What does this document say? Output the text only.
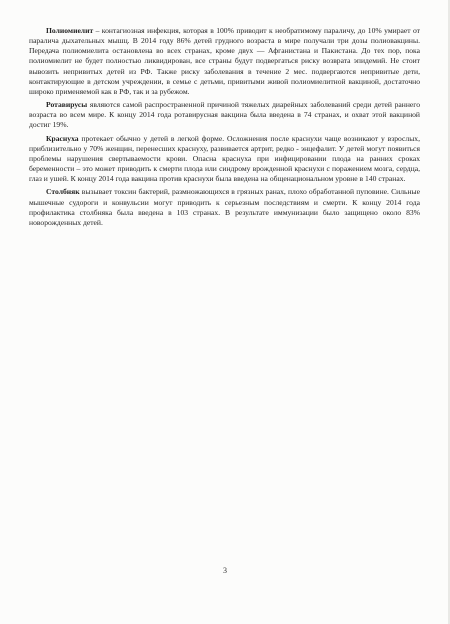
Полиомиелит – контагиозная инфекция, которая в 100% приводит к необратимому параличу, до 10% умирает от паралича дыхательных мышц. В 2014 году 86% детей грудного возраста в мире получали три дозы полиовакцины. Передача полиомиелита остановлена во всех странах, кроме двух — Афганистана и Пакистана. До тех пор, пока полиомиелит не будет полностью ликвидирован, все страны будут подвергаться риску возврата эпидемий. Не стоит вывозить непривитых детей из РФ. Также риску заболевания в течение 2 мес. подвергаются непривитые дети, контактирующие в детском учреждении, в семье с детьми, привитыми живой полиомиелитной вакциной, достаточно широко применяемой как в РФ, так и за рубежом.

Ротавирусы являются самой распространенной причиной тяжелых диарейных заболеваний среди детей раннего возраста во всем мире. К концу 2014 года ротавирусная вакцина была введена в 74 странах, и охват этой вакциной достиг 19%.

Краснуха протекает обычно у детей в легкой форме. Осложнения после краснухи чаще возникают у взрослых, приблизительно у 70% женщин, перенесших краснуху, развивается артрит, редко - энцефалит. У детей могут появиться проблемы нарушения свертываемости крови. Опасна краснуха при инфицировании плода на ранних сроках беременности – это может приводить к смерти плода или синдрому врожденной краснухи с поражением мозга, сердца, глаз и ушей. К концу 2014 года вакцина против краснухи была введена на общенациональном уровне в 140 странах.

Столбняк вызывает токсин бактерий, размножающихся в грязных ранах, плохо обработанной пуповине. Сильные мышечные судороги и конвульсии могут приводить к серьезным последствиям и смерти. К концу 2014 года профилактика столбняка была введена в 103 странах. В результате иммунизации было защищено около 83% новорожденных детей.

3
